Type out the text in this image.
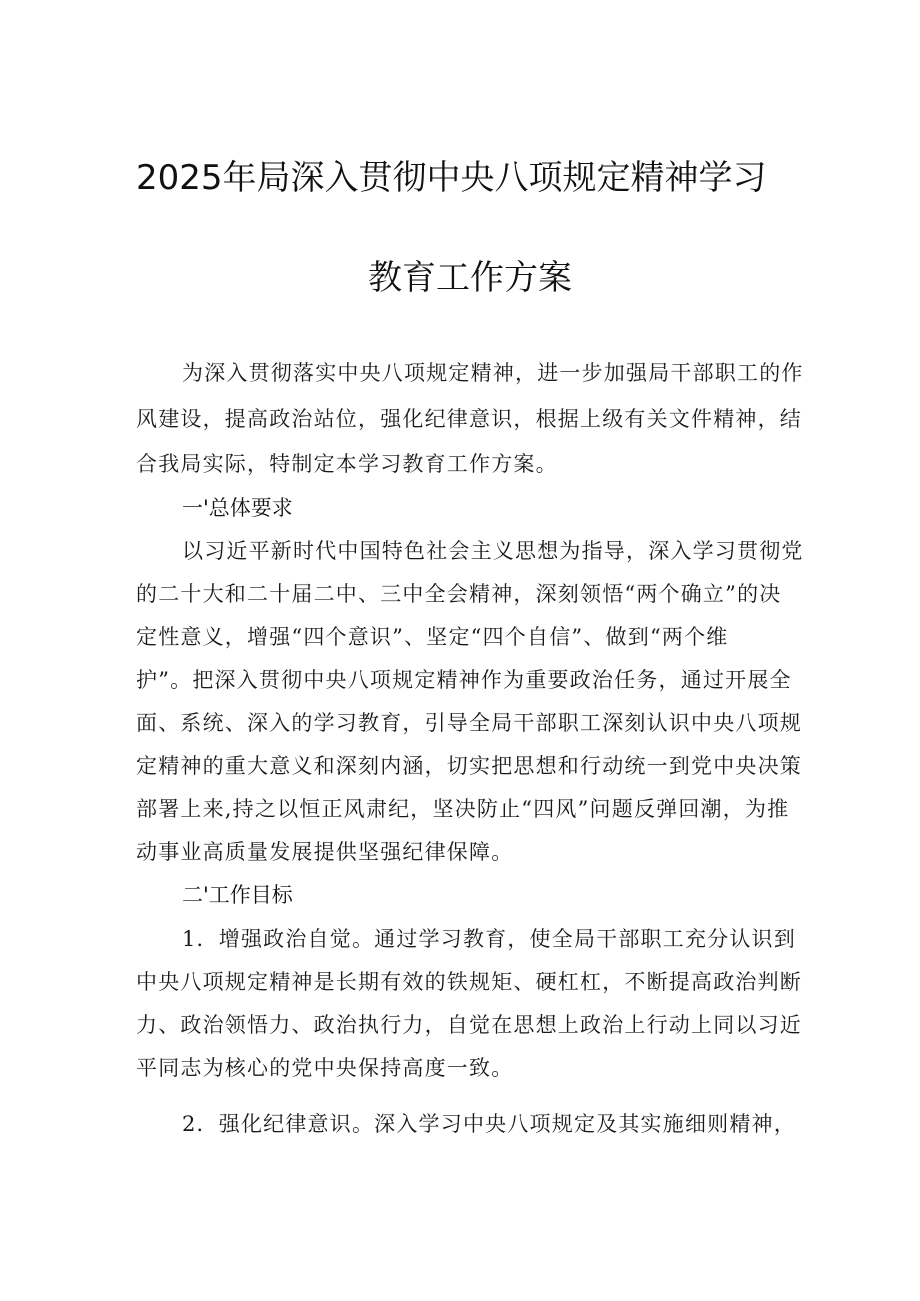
2025年局深入贯彻中央八项规定精神学习
教育工作方案
为深入贯彻落实中央八项规定精神，进一步加强局干部职工的作
风建设，提高政治站位，强化纪律意识，根据上级有关文件精神，结
合我局实际，特制定本学习教育工作方案。
一'总体要求
以习近平新时代中国特色社会主义思想为指导，深入学习贯彻党
的二十大和二十届二中、三中全会精神，深刻领悟“两个确立”的决
定性意义，增强“四个意识”、坚定“四个自信”、做到“两个维
护”。把深入贯彻中央八项规定精神作为重要政治任务，通过开展全
面、系统、深入的学习教育，引导全局干部职工深刻认识中央八项规
定精神的重大意义和深刻内涵，切实把思想和行动统一到党中央决策
部署上来,持之以恒正风肃纪，坚决防止“四风”问题反弹回潮，为推
动事业高质量发展提供坚强纪律保障。
二'工作目标
1．增强政治自觉。通过学习教育，使全局干部职工充分认识到
中央八项规定精神是长期有效的铁规矩、硬杠杠，不断提高政治判断
力、政治领悟力、政治执行力，自觉在思想上政治上行动上同以习近
平同志为核心的党中央保持高度一致。
2．强化纪律意识。深入学习中央八项规定及其实施细则精神，
